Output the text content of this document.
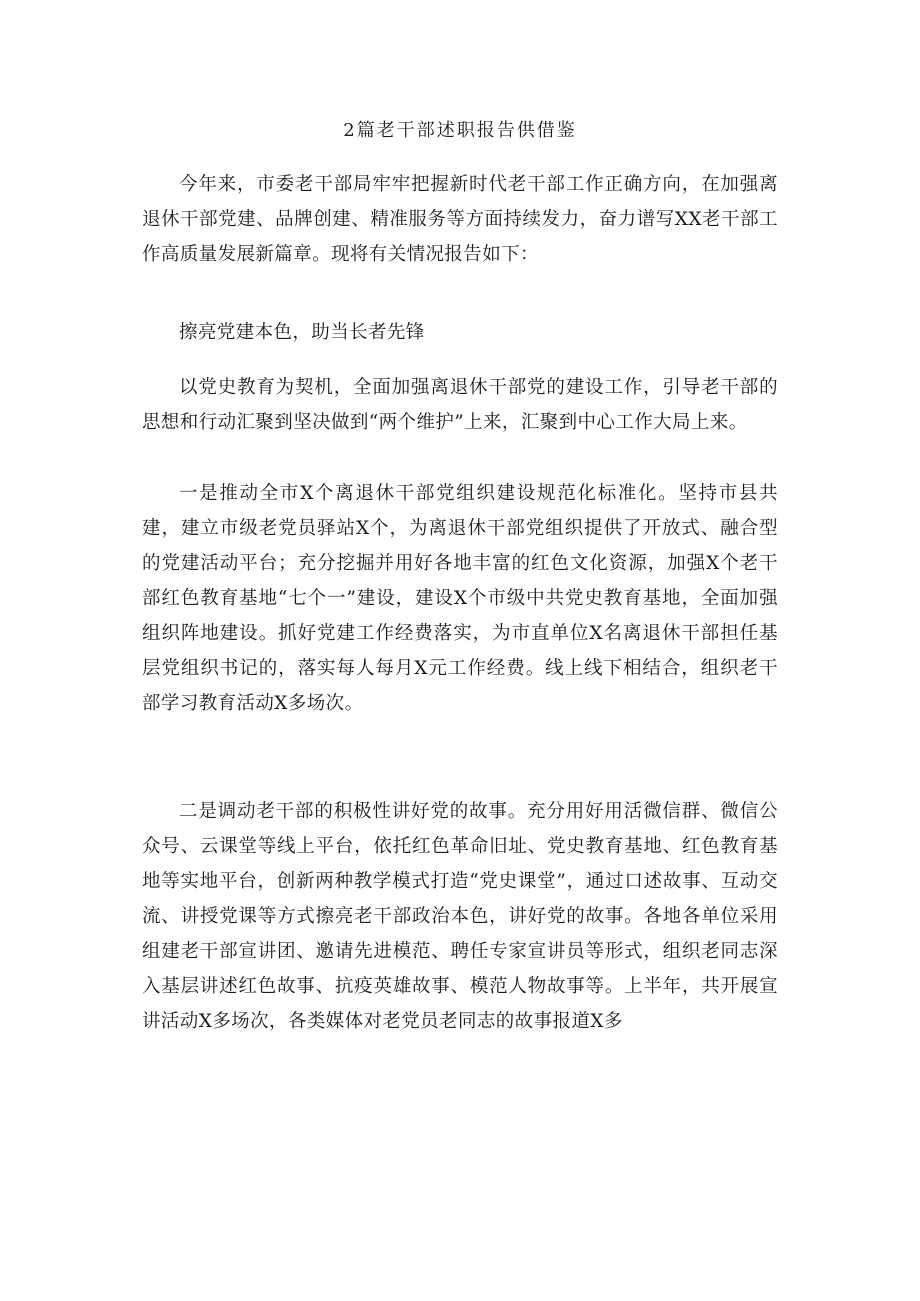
2篇老干部述职报告供借鉴

今年来，市委老干部局牢牢把握新时代老干部工作正确方向，在加强离退休干部党建、品牌创建、精准服务等方面持续发力，奋力谱写XX老干部工作高质量发展新篇章。现将有关情况报告如下：

擦亮党建本色，助当长者先锋

以党史教育为契机，全面加强离退休干部党的建设工作，引导老干部的思想和行动汇聚到坚决做到“两个维护”上来，汇聚到中心工作大局上来。

一是推动全市X个离退休干部党组织建设规范化标准化。坚持市县共建，建立市级老党员驿站X个，为离退休干部党组织提供了开放式、融合型的党建活动平台；充分挖掘并用好各地丰富的红色文化资源，加强X个老干部红色教育基地“七个一”建设，建设X个市级中共党史教育基地，全面加强组织阵地建设。抓好党建工作经费落实，为市直单位X名离退休干部担任基层党组织书记的，落实每人每月X元工作经费。线上线下相结合，组织老干部学习教育活动X多场次。

二是调动老干部的积极性讲好党的故事。充分用好用活微信群、微信公众号、云课堂等线上平台，依托红色革命旧址、党史教育基地、红色教育基地等实地平台，创新两种教学模式打造“党史课堂”，通过口述故事、互动交流、讲授党课等方式擦亮老干部政治本色，讲好党的故事。各地各单位采用组建老干部宣讲团、邀请先进模范、聘任专家宣讲员等形式，组织老同志深入基层讲述红色故事、抗疫英雄故事、模范人物故事等。上半年，共开展宣讲活动X多场次，各类媒体对老党员老同志的故事报道X多
